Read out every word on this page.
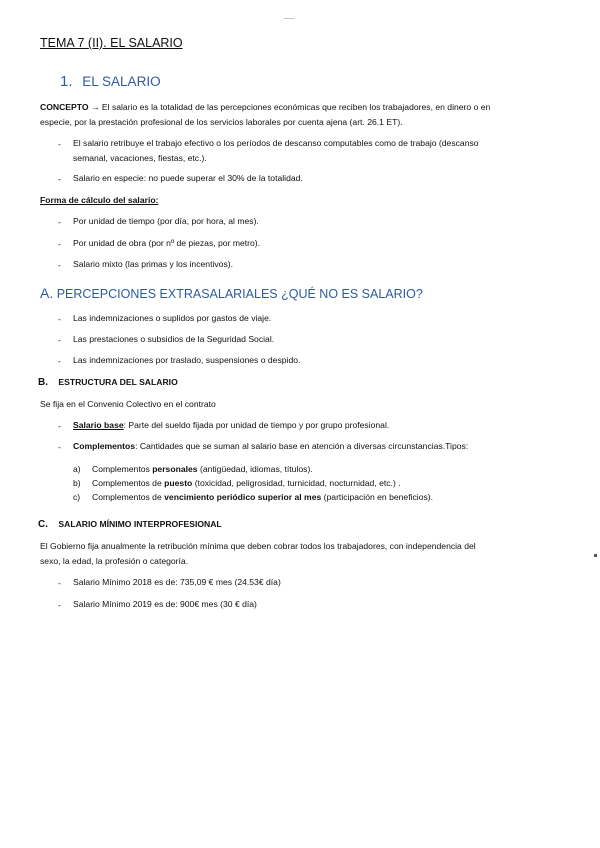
-----
TEMA 7 (II). EL SALARIO
1. EL SALARIO
CONCEPTO → El salario es la totalidad de las percepciones económicas que reciben los trabajadores, en dinero o en
especie, por la prestación profesional de los servicios laborales por cuenta ajena (art. 26.1 ET).
- El salario retribuye el trabajo efectivo o los períodos de descanso computables como de trabajo (descanso
semanal, vacaciones, fiestas, etc.).
- Salario en especie: no puede superar el 30% de la totalidad.
Forma de cálculo del salario:
- Por unidad de tiempo (por día, por hora, al mes).
- Por unidad de obra (por nº de piezas, por metro).
- Salario mixto (las primas y los incentivos).
A. PERCEPCIONES EXTRASALARIALES ¿QUÉ NO ES SALARIO?
- Las indemnizaciones o suplidos por gastos de viaje.
- Las prestaciones o subsidios de la Seguridad Social.
- Las indemnizaciones por traslado, suspensiones o despido.
B. ESTRUCTURA DEL SALARIO
Se fija en el Convenio Colectivo en el contrato
- Salario base: Parte del sueldo fijada por unidad de tiempo y por grupo profesional.
- Complementos: Cantidades que se suman al salario base en atención a diversas circunstancias.Tipos:
a) Complementos personales (antigüedad, idiomas, títulos).
b) Complementos de puesto (toxicidad, peligrosidad, turnicidad, nocturnidad, etc.) .
c) Complementos de vencimiento periódico superior al mes (participación en beneficios).
C. SALARIO MÍNIMO INTERPROFESIONAL
El Gobierno fija anualmente la retribución mínima que deben cobrar todos los trabajadores, con independencia del
sexo, la edad, la profesión o categoría.
- Salario Mínimo 2018 es de: 735,09 € mes (24.53€ día)
- Salario Mínimo 2019 es de: 900€ mes (30 € día)
